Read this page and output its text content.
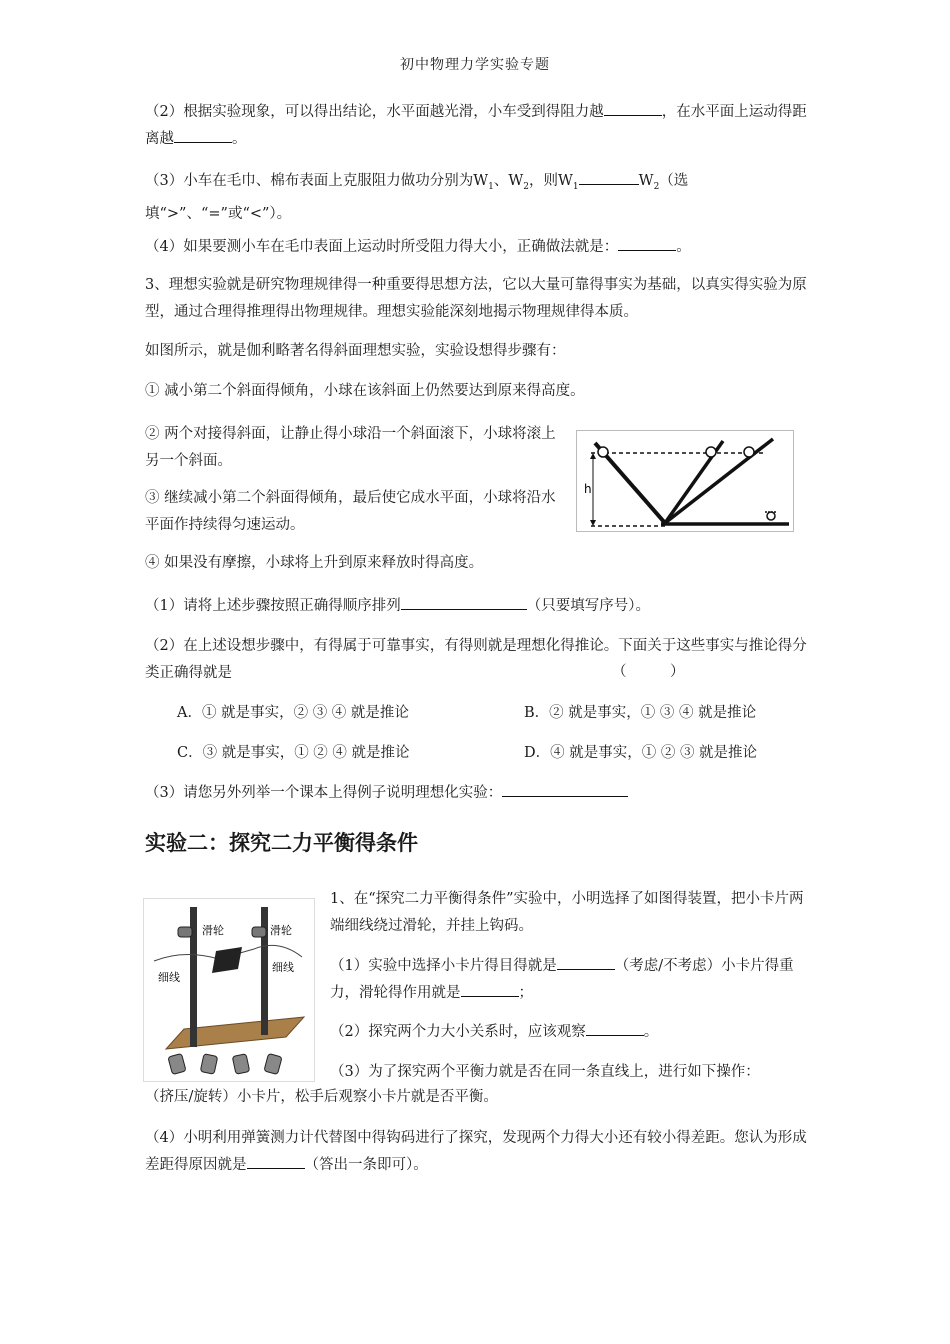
初中物理力学实验专题

（2）根据实验现象，可以得出结论，水平面越光滑，小车受到得阻力越	，在水平面上运动得距离越	。

（3）小车在毛巾、棉布表面上克服阻力做功分别为$W_1$、$W_2$，则$W_1$	$W_2$（选填“>”、“=”或“<”）。

（4）如果要测小车在毛巾表面上运动时所受阻力得大小，正确做法就是：	。

3、理想实验就是研究物理规律得一种重要得思想方法，它以大量可靠得事实为基础，以真实得实验为原型，通过合理得推理得出物理规律。理想实验能深刻地揭示物理规律得本质。

如图所示，就是伽利略著名得斜面理想实验，实验设想得步骤有：

① 减小第二个斜面得倾角，小球在该斜面上仍然要达到原来得高度。

② 两个对接得斜面，让静止得小球沿一个斜面滚下，小球将滚上另一个斜面。

③ 继续减小第二个斜面得倾角，最后使它成水平面，小球将沿水平面作持续得匀速运动。

④ 如果没有摩擦，小球将上升到原来释放时得高度。

h

（1）请将上述步骤按照正确得顺序排列	（只要填写序号）。

（2）在上述设想步骤中，有得属于可靠事实，有得则就是理想化得推论。下面关于这些事实与推论得分类正确得就是	（　　　）
A．① 就是事实，② ③ ④ 就是推论	B．② 就是事实，① ③ ④ 就是推论
C．③ 就是事实，① ② ④ 就是推论	D．④ 就是事实，① ② ③ 就是推论

（3）请您另外列举一个课本上得例子说明理想化实验：

实验二：探究二力平衡得条件
滑轮	滑轮
细线
细线

1、在“探究二力平衡得条件”实验中，小明选择了如图得装置，把小卡片两端细线绕过滑轮，并挂上钩码。

（1）实验中选择小卡片得目得就是	（考虑/不考虑）小卡片得重力，滑轮得作用就是	；

（2）探究两个力大小关系时，应该观察	。

（3）为了探究两个平衡力就是否在同一条直线上，进行如下操作：

（挤压/旋转）小卡片，松手后观察小卡片就是否平衡。

（4）小明利用弹簧测力计代替图中得钩码进行了探究，发现两个力得大小还有较小得差距。您认为形成差距得原因就是	（答出一条即可）。
